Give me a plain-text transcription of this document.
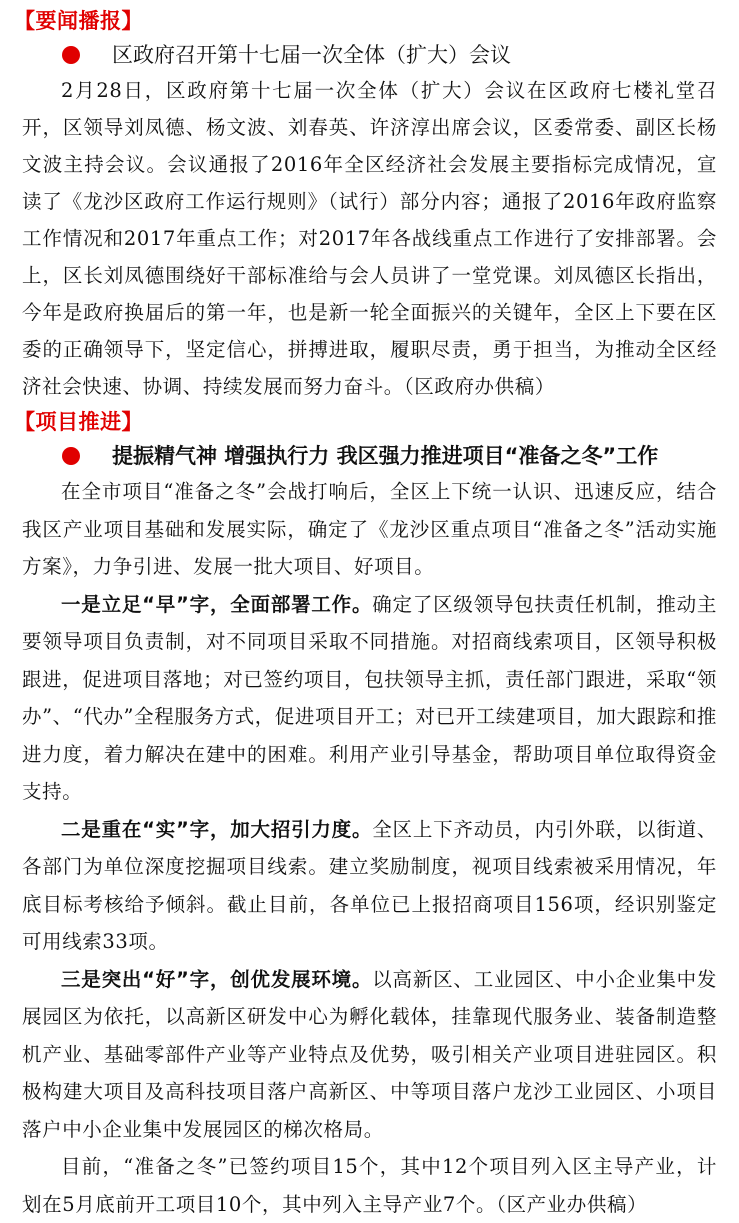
【要闻播报】
区政府召开第十七届一次全体（扩大）会议

2月28日，区政府第十七届一次全体（扩大）会议在区政府七楼礼堂召开，区领导刘凤德、杨文波、刘春英、许济淳出席会议，区委常委、副区长杨文波主持会议。会议通报了2016年全区经济社会发展主要指标完成情况，宣读了《龙沙区政府工作运行规则》（试行）部分内容；通报了2016年政府监察工作情况和2017年重点工作；对2017年各战线重点工作进行了安排部署。会上，区长刘凤德围绕好干部标准给与会人员讲了一堂党课。刘凤德区长指出，今年是政府换届后的第一年，也是新一轮全面振兴的关键年，全区上下要在区委的正确领导下，坚定信心，拼搏进取，履职尽责，勇于担当，为推动全区经济社会快速、协调、持续发展而努力奋斗。（区政府办供稿）

【项目推进】
提振精气神 增强执行力 我区强力推进项目“准备之冬”工作

在全市项目“准备之冬”会战打响后，全区上下统一认识、迅速反应，结合我区产业项目基础和发展实际，确定了《龙沙区重点项目“准备之冬”活动实施方案》，力争引进、发展一批大项目、好项目。

一是立足“早”字，全面部署工作。确定了区级领导包扶责任机制，推动主要领导项目负责制，对不同项目采取不同措施。对招商线索项目，区领导积极跟进，促进项目落地；对已签约项目，包扶领导主抓，责任部门跟进，采取“领办”、“代办”全程服务方式，促进项目开工；对已开工续建项目，加大跟踪和推进力度，着力解决在建中的困难。利用产业引导基金，帮助项目单位取得资金支持。

二是重在“实”字，加大招引力度。全区上下齐动员，内引外联，以街道、各部门为单位深度挖掘项目线索。建立奖励制度，视项目线索被采用情况，年底目标考核给予倾斜。截止目前，各单位已上报招商项目156项，经识别鉴定可用线索33项。

三是突出“好”字，创优发展环境。以高新区、工业园区、中小企业集中发展园区为依托，以高新区研发中心为孵化载体，挂靠现代服务业、装备制造整机产业、基础零部件产业等产业特点及优势，吸引相关产业项目进驻园区。积极构建大项目及高科技项目落户高新区、中等项目落户龙沙工业园区、小项目落户中小企业集中发展园区的梯次格局。

目前，“准备之冬”已签约项目15个，其中12个项目列入区主导产业，计划在5月底前开工项目10个，其中列入主导产业7个。（区产业办供稿）
